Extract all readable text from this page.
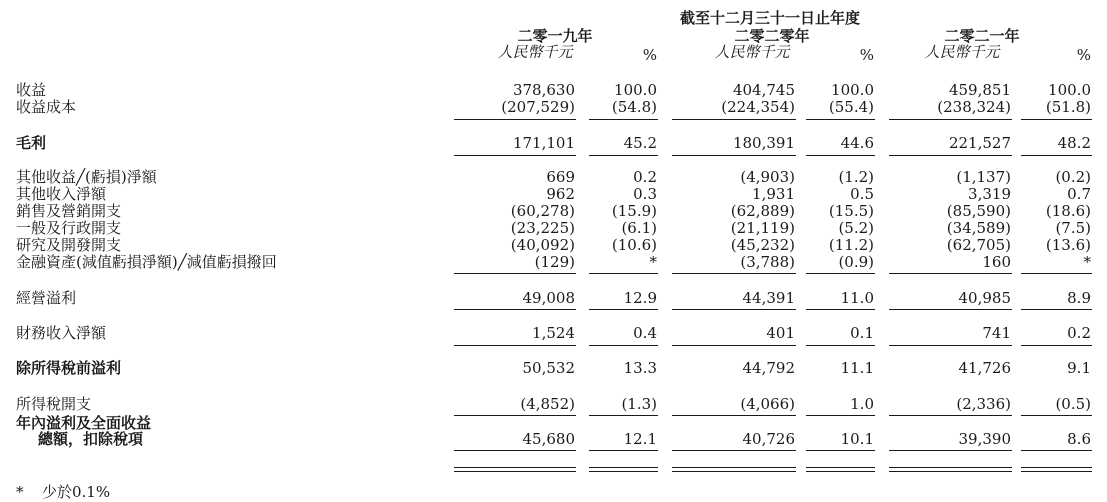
截至十二月三十一日止年度
二零一九年	二零二零年	二零二一年
人民幣千元	人民幣千元	人民幣千元
%	%	%
收益	378,630	100.0	404,745	100.0	459,851	100.0
收益成本	(207,529)	(54.8)	(224,354)	(55.4)	(238,324)	(51.8)
毛利	171,101	45.2	180,391	44.6	221,527	48.2
其他收益╱(虧損)淨額	669	0.2	(4,903)	(1.2)	(1,137)	(0.2)
其他收入淨額	962	0.3	1,931	0.5	3,319	0.7
銷售及營銷開支	(60,278)	(15.9)	(62,889)	(15.5)	(85,590)	(18.6)
一般及行政開支	(23,225)	(6.1)	(21,119)	(5.2)	(34,589)	(7.5)
研究及開發開支	(40,092)	(10.6)	(45,232)	(11.2)	(62,705)	(13.6)
金融資產(減值虧損淨額)╱減值虧損撥回	(129)	*	(3,788)	(0.9)	160	*
經營溢利	49,008	12.9	44,391	11.0	40,985	8.9
財務收入淨額	1,524	0.4	401	0.1	741	0.2
除所得稅前溢利	50,532	13.3	44,792	11.1	41,726	9.1
所得稅開支	(4,852)	(1.3)	(4,066)	1.0	(2,336)	(0.5)
年內溢利及全面收益
總額，扣除稅項	45,680	12.1	40,726	10.1	39,390	8.6
* 少於0.1%
